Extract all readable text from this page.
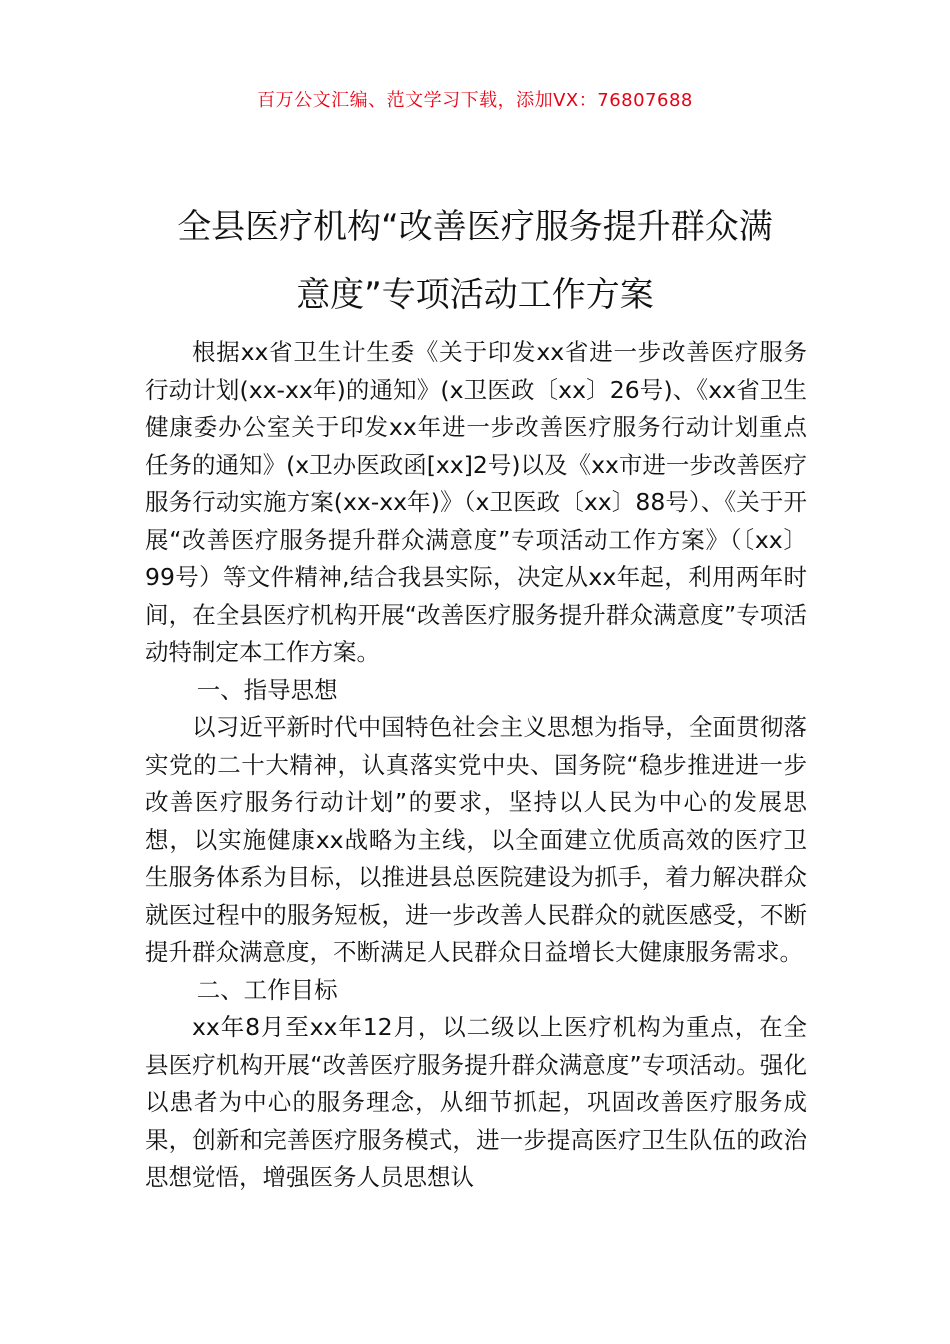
百万公文汇编、范文学习下载，添加VX：76807688
全县医疗机构“改善医疗服务提升群众满
意度”专项活动工作方案

根据xx省卫生计生委《关于印发xx省进一步改善医疗服务行动计划(xx-xx年)的通知》(x卫医政〔xx〕26号)、《xx省卫生健康委办公室关于印发xx年进一步改善医疗服务行动计划重点任务的通知》(x卫办医政函[xx]2号)以及《xx市进一步改善医疗服务行动实施方案(xx-xx年)》（x卫医政〔xx〕88号）、《关于开展“改善医疗服务提升群众满意度”专项活动工作方案》（〔xx〕99号）等文件精神,结合我县实际，决定从xx年起，利用两年时间，在全县医疗机构开展“改善医疗服务提升群众满意度”专项活动特制定本工作方案。

一、指导思想

以习近平新时代中国特色社会主义思想为指导，全面贯彻落实党的二十大精神，认真落实党中央、国务院“稳步推进进一步改善医疗服务行动计划”的要求，坚持以人民为中心的发展思想，以实施健康xx战略为主线，以全面建立优质高效的医疗卫生服务体系为目标，以推进县总医院建设为抓手，着力解决群众就医过程中的服务短板，进一步改善人民群众的就医感受，不断提升群众满意度，不断满足人民群众日益增长大健康服务需求。

二、工作目标

xx年8月至xx年12月，以二级以上医疗机构为重点，在全县医疗机构开展“改善医疗服务提升群众满意度”专项活动。强化以患者为中心的服务理念，从细节抓起，巩固改善医疗服务成果，创新和完善医疗服务模式，进一步提高医疗卫生队伍的政治思想觉悟，增强医务人员思想认
